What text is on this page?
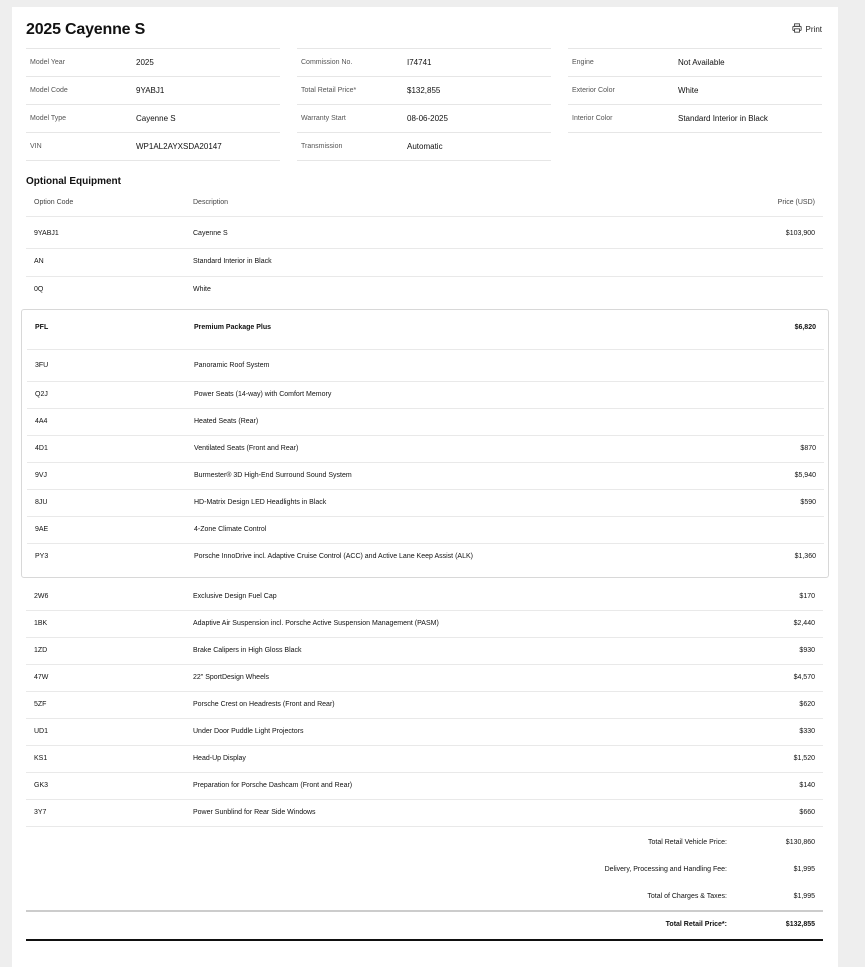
2025 Cayenne S	Print
Model Year	2025
Model Code	9YABJ1
Model Type	Cayenne S
VIN	WP1AL2AYXSDA20147
Commission No.	I74741
Total Retail Price*	$132,855
Warranty Start	08-06-2025
Transmission	Automatic
Engine	Not Available
Exterior Color	White
Interior Color	Standard Interior in Black
Optional Equipment
Option Code	Description	Price (USD)
9YABJ1	Cayenne S	$103,900
AN	Standard Interior in Black
0Q	White
PFL	Premium Package Plus	$6,820
3FU	Panoramic Roof System
Q2J	Power Seats (14-way) with Comfort Memory
4A4	Heated Seats (Rear)
4D1	Ventilated Seats (Front and Rear)	$870
9VJ	Burmester® 3D High-End Surround Sound System	$5,940
8JU	HD-Matrix Design LED Headlights in Black	$590
9AE	4-Zone Climate Control
PY3	Porsche InnoDrive incl. Adaptive Cruise Control (ACC) and Active Lane Keep Assist (ALK)	$1,360
2W6	Exclusive Design Fuel Cap	$170
1BK	Adaptive Air Suspension incl. Porsche Active Suspension Management (PASM)	$2,440
1ZD	Brake Calipers in High Gloss Black	$930
47W	22" SportDesign Wheels	$4,570
5ZF	Porsche Crest on Headrests (Front and Rear)	$620
UD1	Under Door Puddle Light Projectors	$330
KS1	Head-Up Display	$1,520
GK3	Preparation for Porsche Dashcam (Front and Rear)	$140
3Y7	Power Sunblind for Rear Side Windows	$660
Total Retail Vehicle Price:	$130,860
Delivery, Processing and Handling Fee:	$1,995
Total of Charges & Taxes:	$1,995
Total Retail Price*:	$132,855
